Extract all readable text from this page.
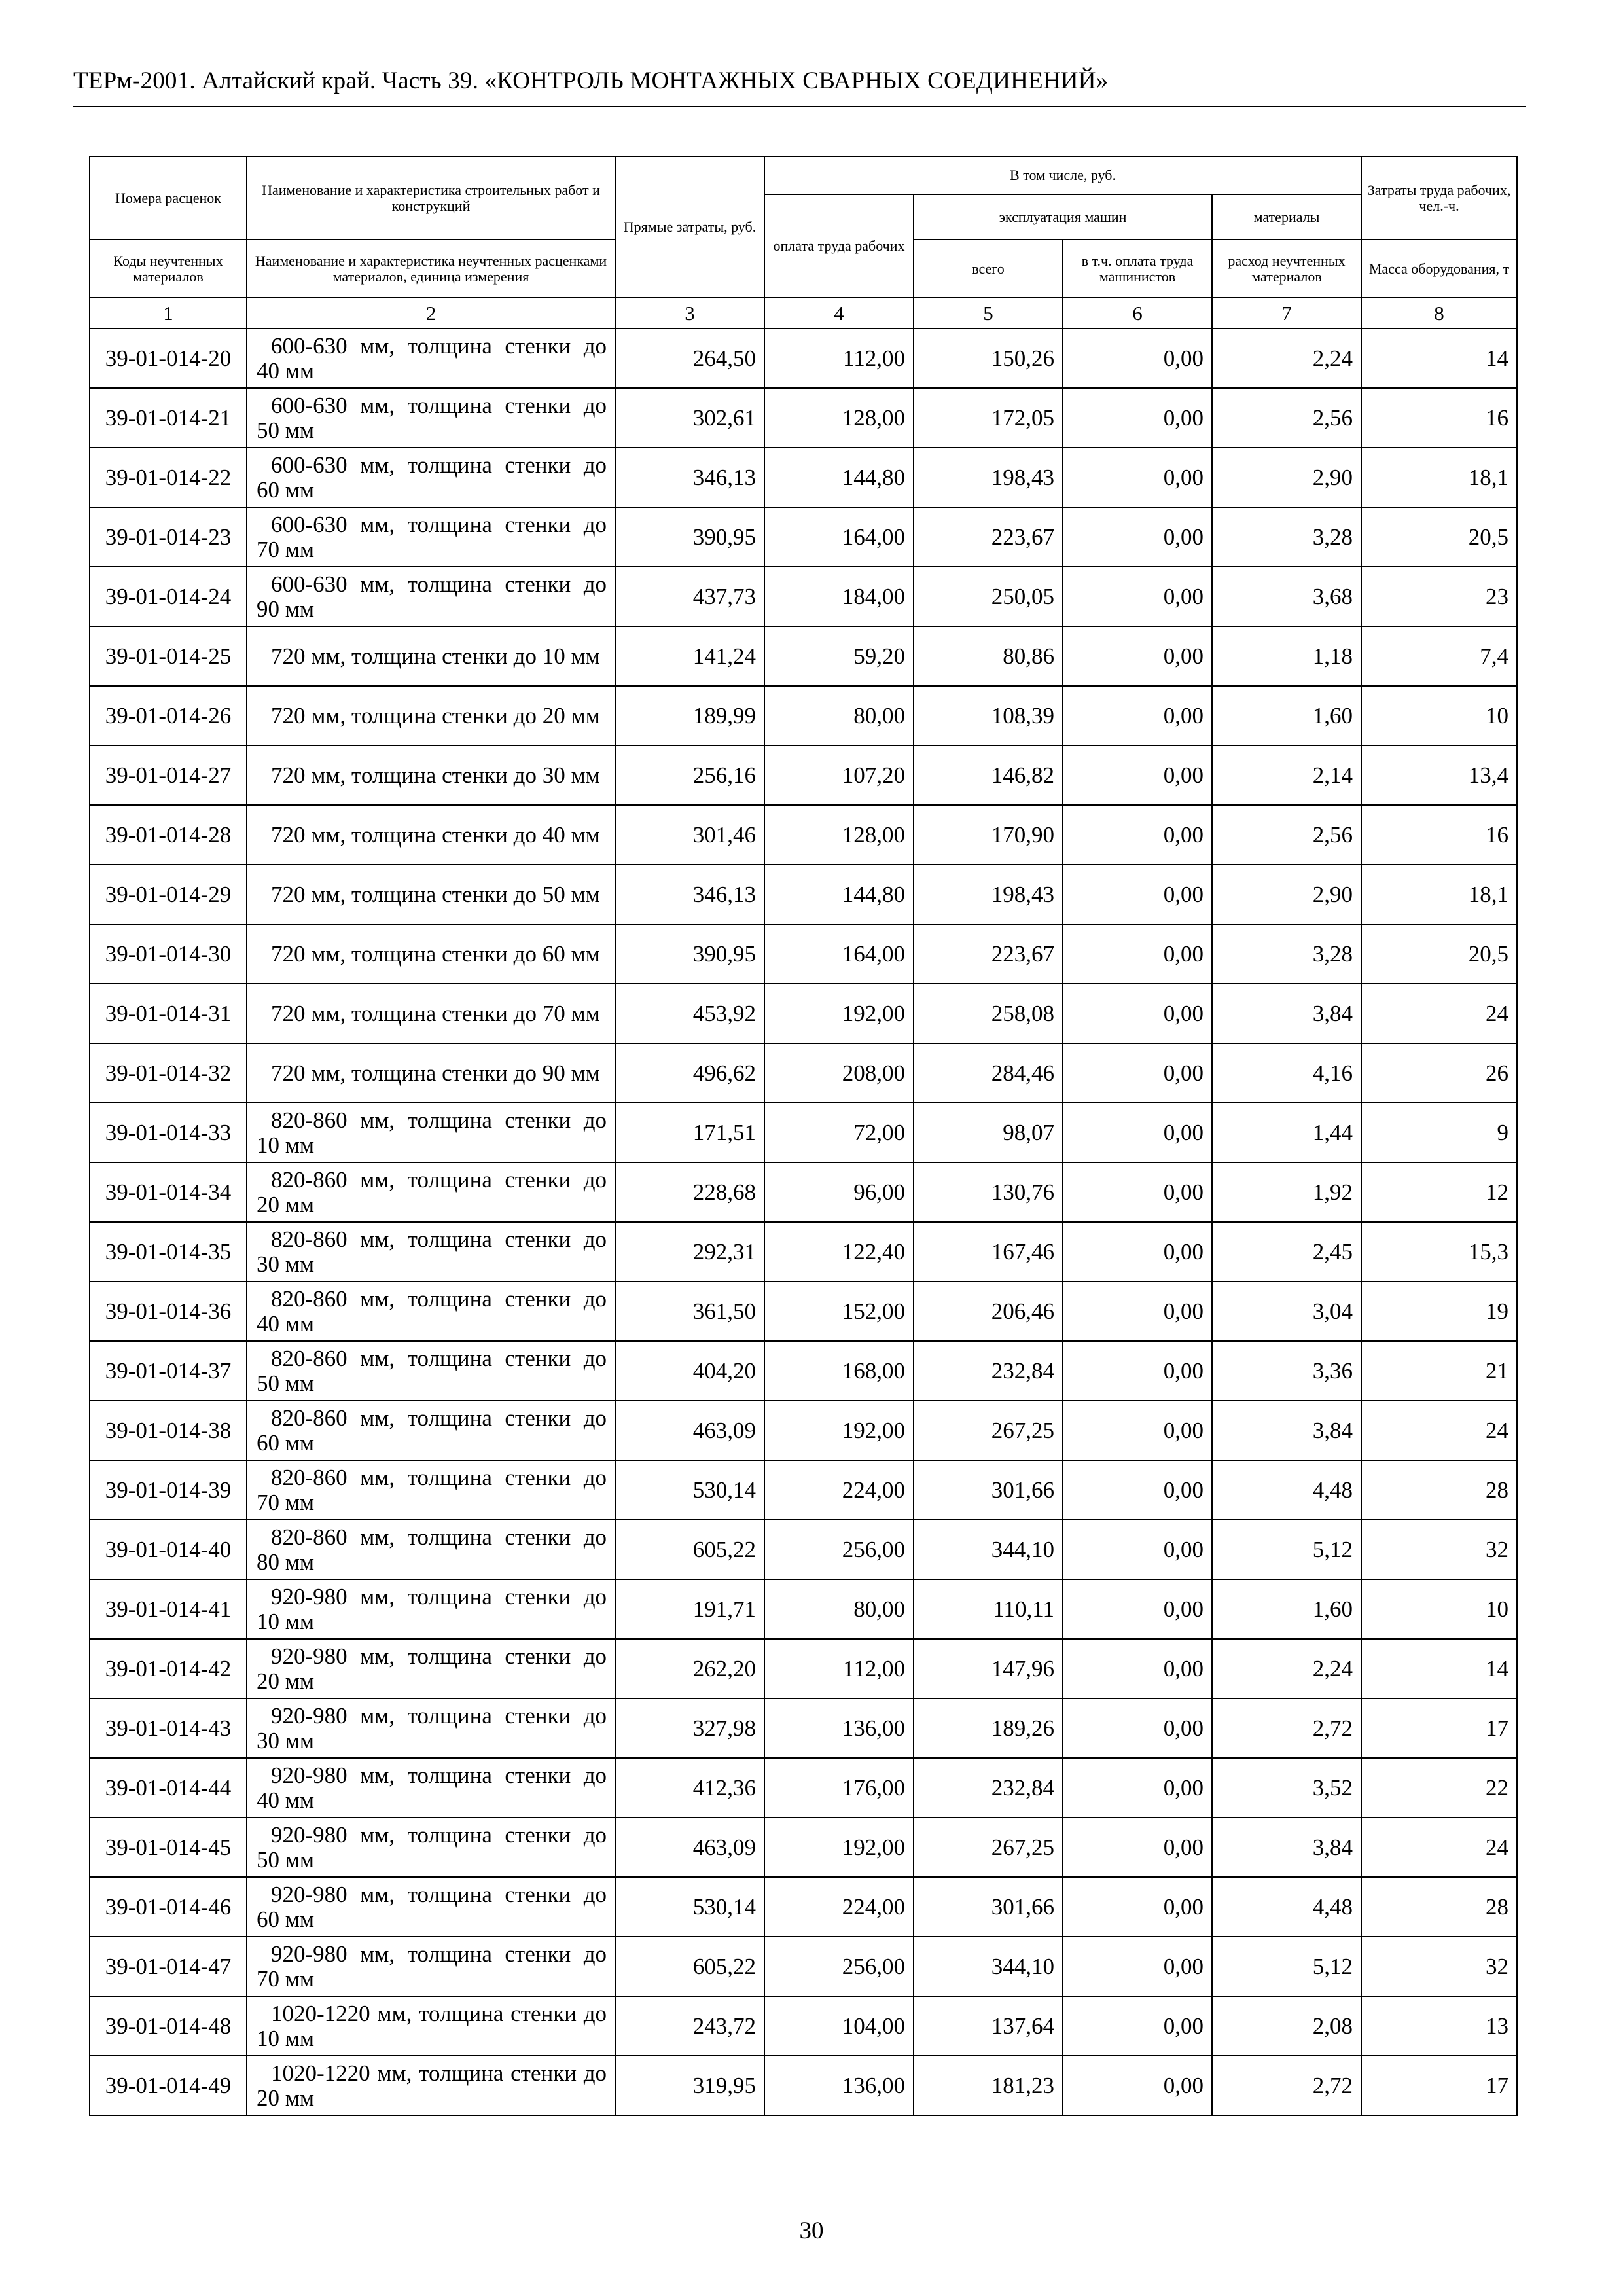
ТЕРм-2001. Алтайский край. Часть 39. «КОНТРОЛЬ МОНТАЖНЫХ СВАРНЫХ СОЕДИНЕНИЙ»
Номера расценок	Наименование и характеристика строительных работ и конструкций	Прямые затраты, руб.	В том числе, руб.				Затраты труда рабочих, чел.-ч.
			оплата труда рабочих	эксплуатация машин		материалы	

Коды неучтенных материалов	Наименование и характеристика неучтенных расценками материалов, единица измерения			всего	в т.ч. оплата труда машинистов	расход неучтенных материалов	Масса оборудования, т

1	2	3	4	5	6	7	8
39-01-014-20	600-630 мм, толщина стенки до 40 мм	264,50	112,00	150,26	0,00	2,24	14
39-01-014-21	600-630 мм, толщина стенки до 50 мм	302,61	128,00	172,05	0,00	2,56	16
39-01-014-22	600-630 мм, толщина стенки до 60 мм	346,13	144,80	198,43	0,00	2,90	18,1
39-01-014-23	600-630 мм, толщина стенки до 70 мм	390,95	164,00	223,67	0,00	3,28	20,5
39-01-014-24	600-630 мм, толщина стенки до 90 мм	437,73	184,00	250,05	0,00	3,68	23
39-01-014-25	720 мм, толщина стенки до 10 мм	141,24	59,20	80,86	0,00	1,18	7,4
39-01-014-26	720 мм, толщина стенки до 20 мм	189,99	80,00	108,39	0,00	1,60	10
39-01-014-27	720 мм, толщина стенки до 30 мм	256,16	107,20	146,82	0,00	2,14	13,4
39-01-014-28	720 мм, толщина стенки до 40 мм	301,46	128,00	170,90	0,00	2,56	16
39-01-014-29	720 мм, толщина стенки до 50 мм	346,13	144,80	198,43	0,00	2,90	18,1
39-01-014-30	720 мм, толщина стенки до 60 мм	390,95	164,00	223,67	0,00	3,28	20,5
39-01-014-31	720 мм, толщина стенки до 70 мм	453,92	192,00	258,08	0,00	3,84	24
39-01-014-32	720 мм, толщина стенки до 90 мм	496,62	208,00	284,46	0,00	4,16	26
39-01-014-33	820-860 мм, толщина стенки до 10 мм	171,51	72,00	98,07	0,00	1,44	9
39-01-014-34	820-860 мм, толщина стенки до 20 мм	228,68	96,00	130,76	0,00	1,92	12
39-01-014-35	820-860 мм, толщина стенки до 30 мм	292,31	122,40	167,46	0,00	2,45	15,3
39-01-014-36	820-860 мм, толщина стенки до 40 мм	361,50	152,00	206,46	0,00	3,04	19
39-01-014-37	820-860 мм, толщина стенки до 50 мм	404,20	168,00	232,84	0,00	3,36	21
39-01-014-38	820-860 мм, толщина стенки до 60 мм	463,09	192,00	267,25	0,00	3,84	24
39-01-014-39	820-860 мм, толщина стенки до 70 мм	530,14	224,00	301,66	0,00	4,48	28
39-01-014-40	820-860 мм, толщина стенки до 80 мм	605,22	256,00	344,10	0,00	5,12	32
39-01-014-41	920-980 мм, толщина стенки до 10 мм	191,71	80,00	110,11	0,00	1,60	10
39-01-014-42	920-980 мм, толщина стенки до 20 мм	262,20	112,00	147,96	0,00	2,24	14
39-01-014-43	920-980 мм, толщина стенки до 30 мм	327,98	136,00	189,26	0,00	2,72	17
39-01-014-44	920-980 мм, толщина стенки до 40 мм	412,36	176,00	232,84	0,00	3,52	22
39-01-014-45	920-980 мм, толщина стенки до 50 мм	463,09	192,00	267,25	0,00	3,84	24
39-01-014-46	920-980 мм, толщина стенки до 60 мм	530,14	224,00	301,66	0,00	4,48	28
39-01-014-47	920-980 мм, толщина стенки до 70 мм	605,22	256,00	344,10	0,00	5,12	32
39-01-014-48	1020-1220 мм, толщина стенки до 10 мм	243,72	104,00	137,64	0,00	2,08	13
39-01-014-49	1020-1220 мм, толщина стенки до 20 мм	319,95	136,00	181,23	0,00	2,72	17
30
